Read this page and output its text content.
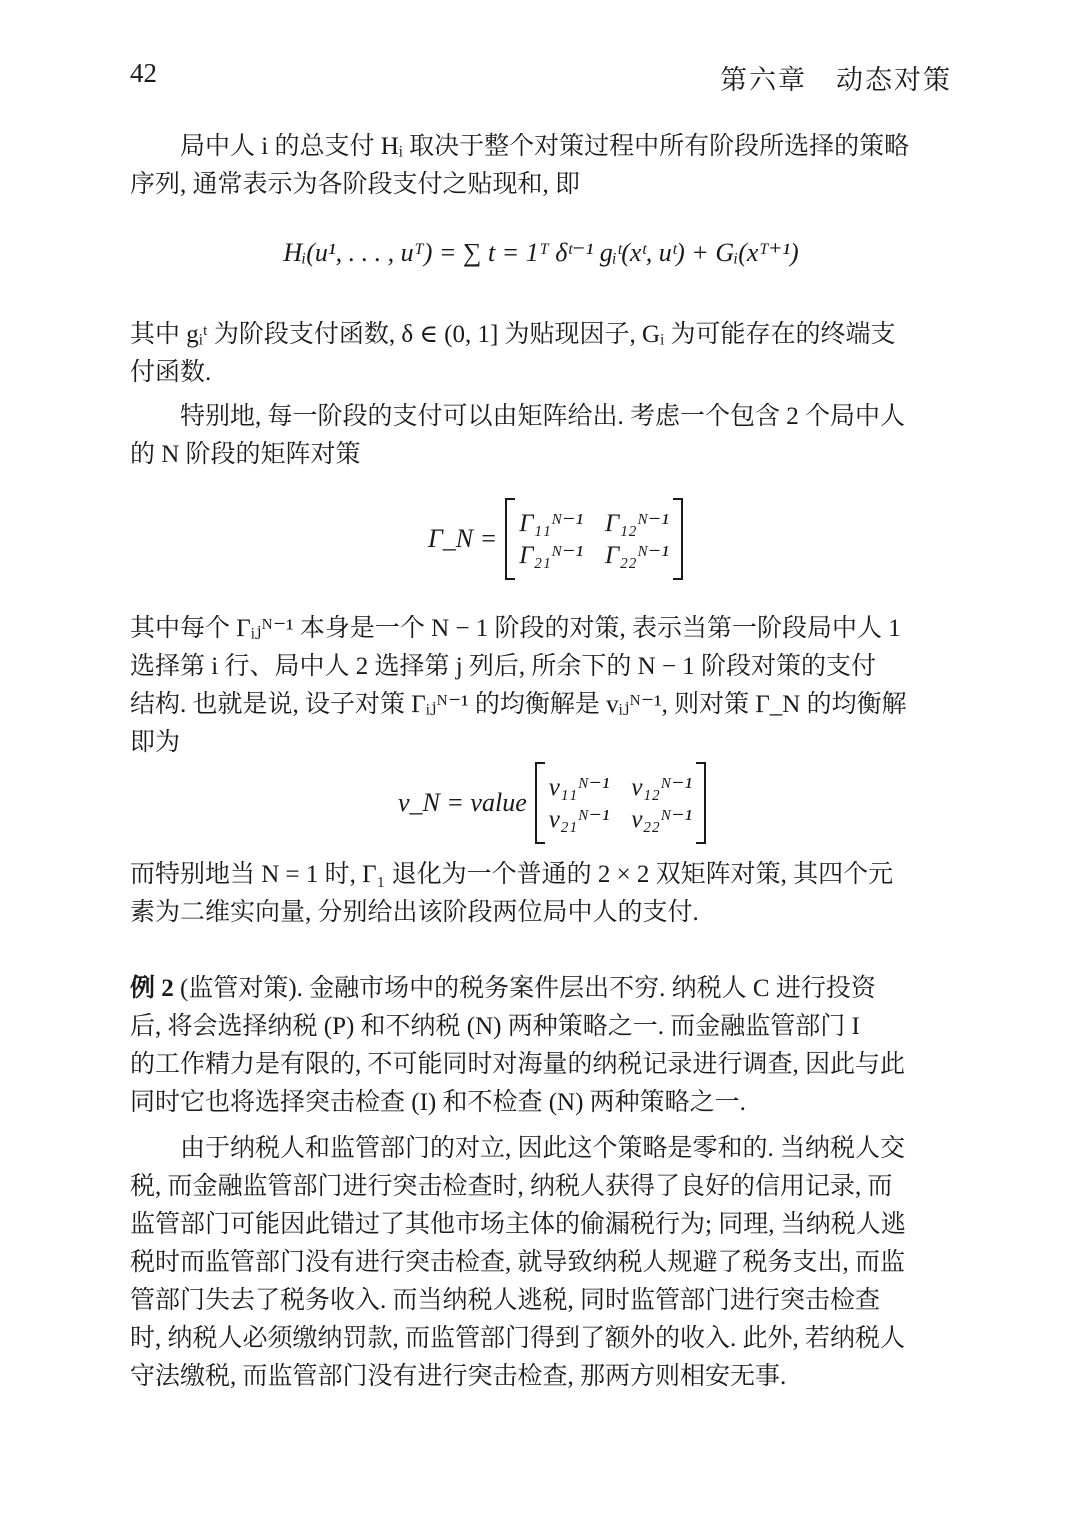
42	第六章　动态对策
局中人 i 的总支付 Hᵢ 取决于整个对策过程中所有阶段所选择的策略
序列, 通常表示为各阶段支付之贴现和, 即
Hᵢ(u¹, . . . , uᵀ) = ∑ t = 1ᵀ δᵗ⁻¹ gᵢᵗ(xᵗ, uᵗ) + Gᵢ(xᵀ⁺¹)
其中 gᵢᵗ 为阶段支付函数, δ ∈ (0, 1] 为贴现因子, Gᵢ 为可能存在的终端支
付函数.
特别地, 每一阶段的支付可以由矩阵给出. 考虑一个包含 2 个局中人
的 N 阶段的矩阵对策
Γ_N =
Γ₁₁ᴺ⁻¹ Γ₁₂ᴺ⁻¹
Γ₂₁ᴺ⁻¹ Γ₂₂ᴺ⁻¹
其中每个 Γᵢⱼᴺ⁻¹ 本身是一个 N − 1 阶段的对策, 表示当第一阶段局中人 1
选择第 i 行、局中人 2 选择第 j 列后, 所余下的 N − 1 阶段对策的支付
结构. 也就是说, 设子对策 Γᵢⱼᴺ⁻¹ 的均衡解是 vᵢⱼᴺ⁻¹, 则对策 Γ_N 的均衡解
即为
v_N = value
v₁₁ᴺ⁻¹ v₁₂ᴺ⁻¹
v₂₁ᴺ⁻¹ v₂₂ᴺ⁻¹
而特别地当 N = 1 时, Γ₁ 退化为一个普通的 2 × 2 双矩阵对策, 其四个元
素为二维实向量, 分别给出该阶段两位局中人的支付.
例 2 (监管对策). 金融市场中的税务案件层出不穷. 纳税人 C 进行投资
后, 将会选择纳税 (P) 和不纳税 (N) 两种策略之一. 而金融监管部门 I
的工作精力是有限的, 不可能同时对海量的纳税记录进行调查, 因此与此
同时它也将选择突击检查 (I) 和不检查 (N) 两种策略之一.
由于纳税人和监管部门的对立, 因此这个策略是零和的. 当纳税人交
税, 而金融监管部门进行突击检查时, 纳税人获得了良好的信用记录, 而
监管部门可能因此错过了其他市场主体的偷漏税行为; 同理, 当纳税人逃
税时而监管部门没有进行突击检查, 就导致纳税人规避了税务支出, 而监
管部门失去了税务收入. 而当纳税人逃税, 同时监管部门进行突击检查
时, 纳税人必须缴纳罚款, 而监管部门得到了额外的收入. 此外, 若纳税人
守法缴税, 而监管部门没有进行突击检查, 那两方则相安无事.
